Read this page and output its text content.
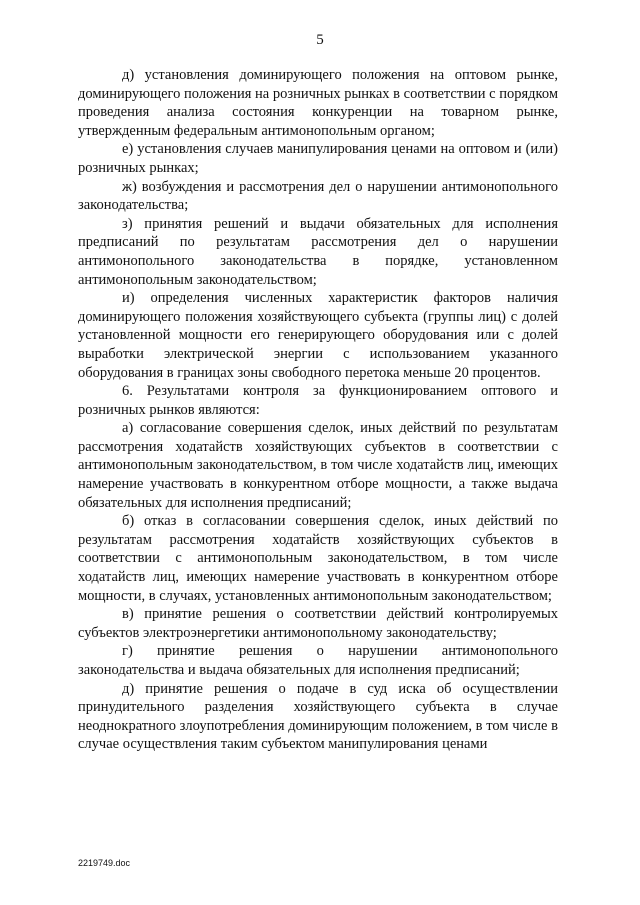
5

д) установления доминирующего положения на оптовом рынке, доминирующего положения на розничных рынках в соответствии с порядком проведения анализа состояния конкуренции на товарном рынке, утвержденным федеральным антимонопольным органом;

е) установления случаев манипулирования ценами на оптовом и (или) розничных рынках;

ж) возбуждения и рассмотрения дел о нарушении антимонопольного законодательства;

з) принятия решений и выдачи обязательных для исполнения предписаний по результатам рассмотрения дел о нарушении антимонопольного законодательства в порядке, установленном антимонопольным законодательством;

и) определения численных характеристик факторов наличия доминирующего положения хозяйствующего субъекта (группы лиц) с долей установленной мощности его генерирующего оборудования или с долей выработки электрической энергии с использованием указанного оборудования в границах зоны свободного перетока меньше 20 процентов.

6. Результатами контроля за функционированием оптового и розничных рынков являются:

а) согласование совершения сделок, иных действий по результатам рассмотрения ходатайств хозяйствующих субъектов в соответствии с антимонопольным законодательством, в том числе ходатайств лиц, имеющих намерение участвовать в конкурентном отборе мощности, а также выдача обязательных для исполнения предписаний;

б) отказ в согласовании совершения сделок, иных действий по результатам рассмотрения ходатайств хозяйствующих субъектов в соответствии с антимонопольным законодательством, в том числе ходатайств лиц, имеющих намерение участвовать в конкурентном отборе мощности, в случаях, установленных антимонопольным законодательством;

в) принятие решения о соответствии действий контролируемых субъектов электроэнергетики антимонопольному законодательству;

г) принятие решения о нарушении антимонопольного законодательства и выдача обязательных для исполнения предписаний;

д) принятие решения о подаче в суд иска об осуществлении принудительного разделения хозяйствующего субъекта в случае неоднократного злоупотребления доминирующим положением, в том числе в случае осуществления таким субъектом манипулирования ценами

2219749.doc
